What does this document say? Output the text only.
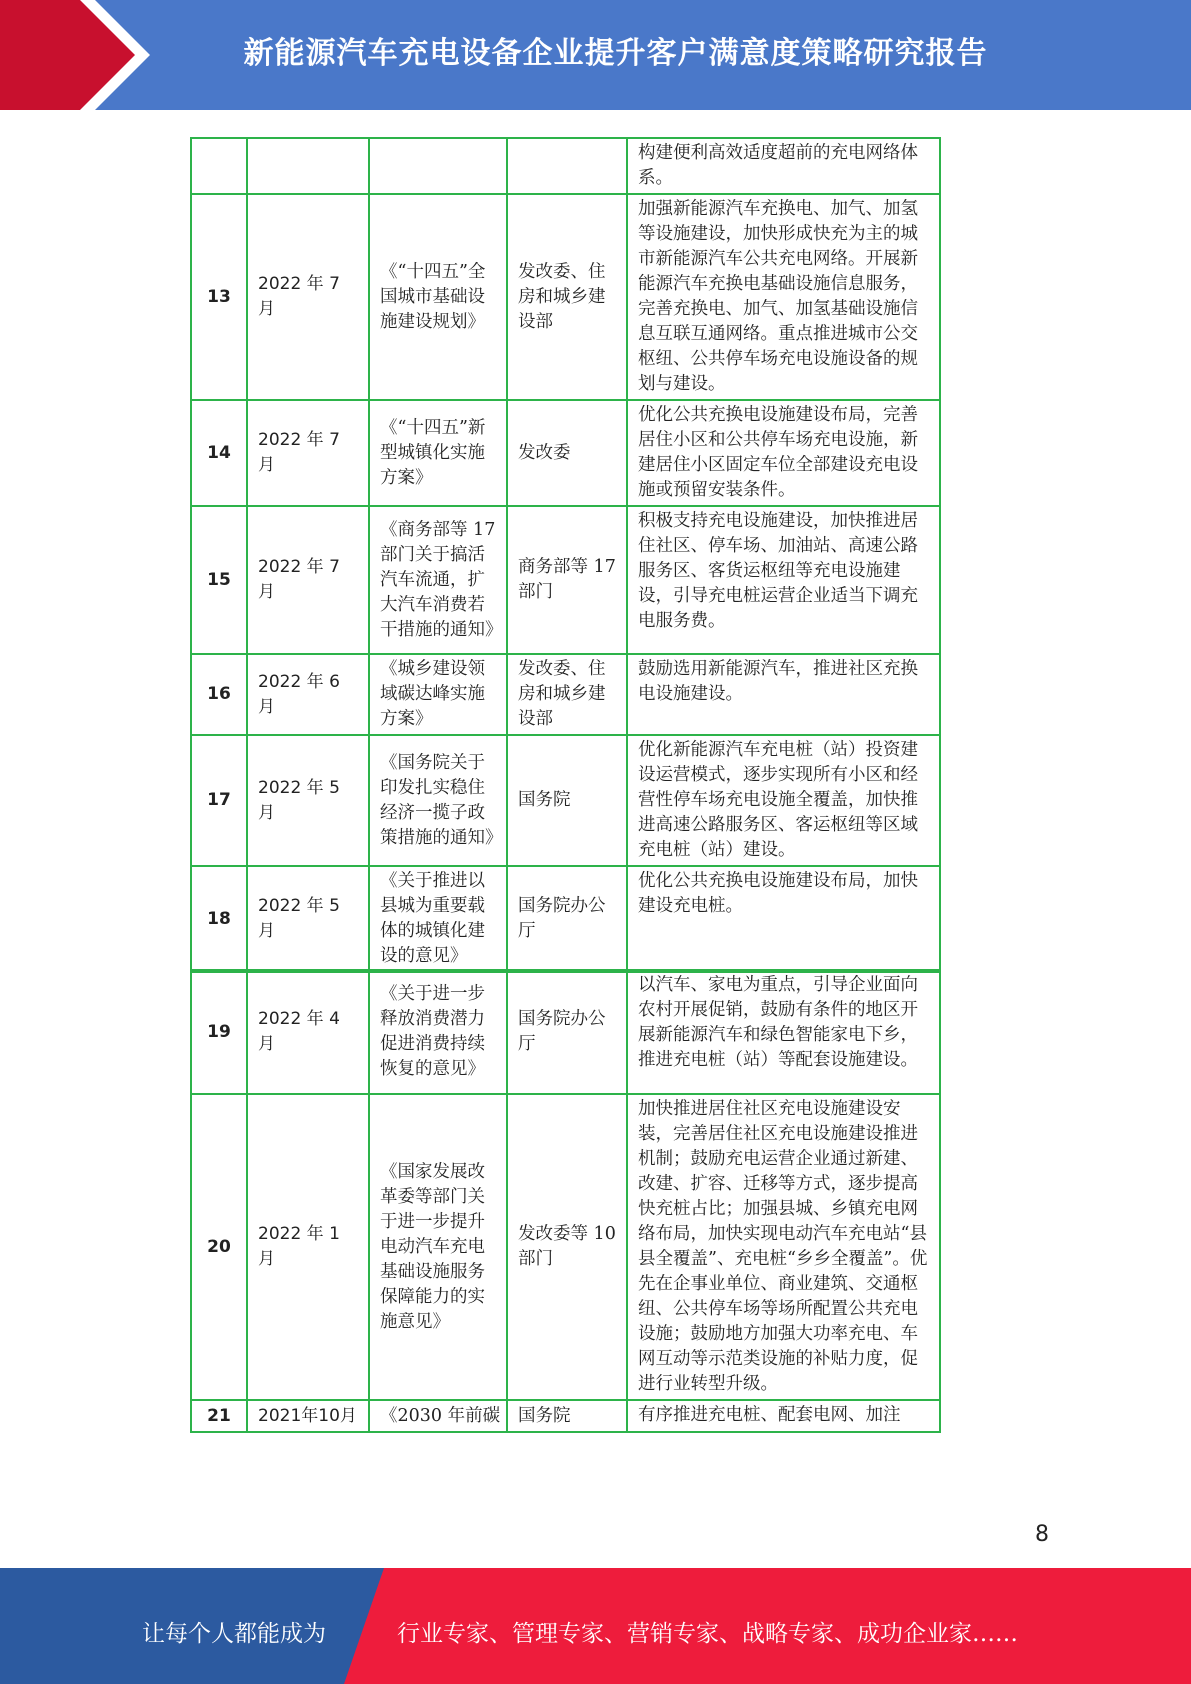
新能源汽车充电设备企业提升客户满意度策略研究报告
				构建便利高效适度超前的充电网络体系。
13	2022 年 7 月	《“十四五”全国城市基础设施建设规划》	发改委、住房和城乡建设部	加强新能源汽车充换电、加气、加氢等设施建设，加快形成快充为主的城市新能源汽车公共充电网络。开展新能源汽车充换电基础设施信息服务，完善充换电、加气、加氢基础设施信息互联互通网络。重点推进城市公交枢纽、公共停车场充电设施设备的规划与建设。
14	2022 年 7 月	《“十四五”新型城镇化实施方案》	发改委	优化公共充换电设施建设布局，完善居住小区和公共停车场充电设施，新建居住小区固定车位全部建设充电设施或预留安装条件。
15	2022 年 7 月	《商务部等 17 部门关于搞活汽车流通，扩大汽车消费若干措施的通知》	商务部等 17 部门	积极支持充电设施建设，加快推进居住社区、停车场、加油站、高速公路服务区、客货运枢纽等充电设施建设，引导充电桩运营企业适当下调充电服务费。
16	2022 年 6 月	《城乡建设领域碳达峰实施方案》	发改委、住房和城乡建设部	鼓励选用新能源汽车，推进社区充换电设施建设。
17	2022 年 5 月	《国务院关于印发扎实稳住经济一揽子政策措施的通知》	国务院	优化新能源汽车充电桩（站）投资建设运营模式，逐步实现所有小区和经营性停车场充电设施全覆盖，加快推进高速公路服务区、客运枢纽等区域充电桩（站）建设。
18	2022 年 5 月	《关于推进以县城为重要载体的城镇化建设的意见》	国务院办公厅	优化公共充换电设施建设布局，加快建设充电桩。
19	2022 年 4 月	《关于进一步释放消费潜力促进消费持续恢复的意见》	国务院办公厅	以汽车、家电为重点，引导企业面向农村开展促销，鼓励有条件的地区开展新能源汽车和绿色智能家电下乡，推进充电桩（站）等配套设施建设。
20	2022 年 1 月	《国家发展改革委等部门关于进一步提升电动汽车充电基础设施服务保障能力的实施意见》	发改委等 10 部门	加快推进居住社区充电设施建设安装，完善居住社区充电设施建设推进机制；鼓励充电运营企业通过新建、改建、扩容、迁移等方式，逐步提高快充桩占比；加强县城、乡镇充电网络布局，加快实现电动汽车充电站“县县全覆盖”、充电桩“乡乡全覆盖”。优先在企事业单位、商业建筑、交通枢纽、公共停车场等场所配置公共充电设施；鼓励地方加强大功率充电、车网互动等示范类设施的补贴力度，促进行业转型升级。
21	2021年10月	《2030 年前碳	国务院	有序推进充电桩、配套电网、加注
8
让每个人都能成为	行业专家、管理专家、营销专家、战略专家、成功企业家……
